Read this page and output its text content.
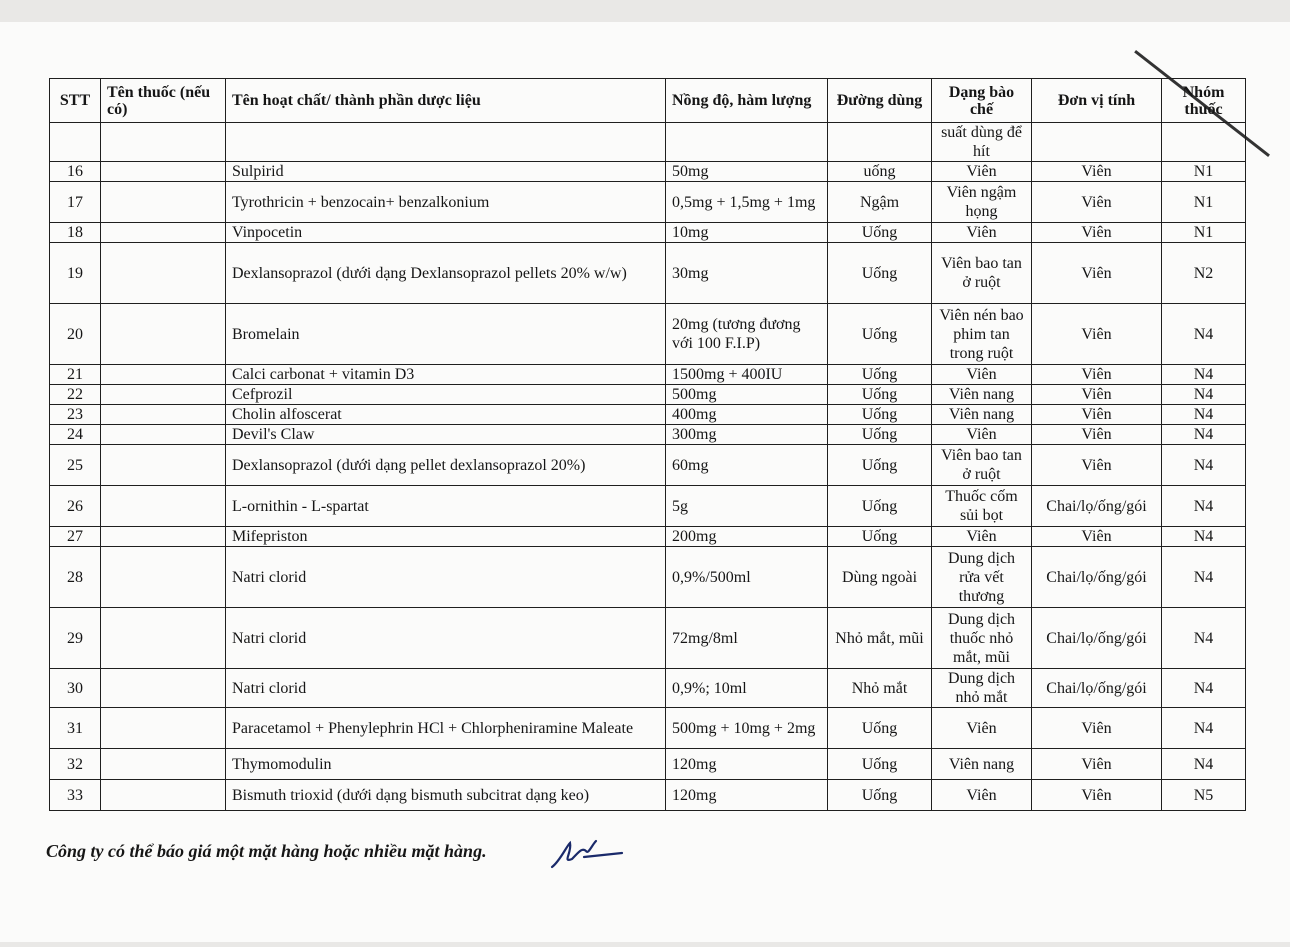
STT	Tên thuốc (nếu có)	Tên hoạt chất/ thành phần dược liệu	Nồng độ, hàm lượng	Đường dùng	Dạng bào chế	Đơn vị tính	Nhóm thuốc
					suất dùng để hít		
16		Sulpirid	50mg	uống	Viên	Viên	N1
17		Tyrothricin + benzocain+ benzalkonium	0,5mg + 1,5mg + 1mg	Ngậm	Viên ngậm họng	Viên	N1
18		Vinpocetin	10mg	Uống	Viên	Viên	N1
19		Dexlansoprazol (dưới dạng Dexlansoprazol pellets 20% w/w)	30mg	Uống	Viên bao tan ở ruột	Viên	N2
20		Bromelain	20mg (tương đương với 100 F.I.P)	Uống	Viên nén bao phim tan trong ruột	Viên	N4
21		Calci carbonat + vitamin D3	1500mg + 400IU	Uống	Viên	Viên	N4
22		Cefprozil	500mg	Uống	Viên nang	Viên	N4
23		Cholin alfoscerat	400mg	Uống	Viên nang	Viên	N4
24		Devil's Claw	300mg	Uống	Viên	Viên	N4
25		Dexlansoprazol (dưới dạng pellet dexlansoprazol 20%)	60mg	Uống	Viên bao tan ở ruột	Viên	N4
26		L-ornithin - L-spartat	5g	Uống	Thuốc cốm sủi bọt	Chai/lọ/ống/gói	N4
27		Mifepriston	200mg	Uống	Viên	Viên	N4
28		Natri clorid	0,9%/500ml	Dùng ngoài	Dung dịch rửa vết thương	Chai/lọ/ống/gói	N4
29		Natri clorid	72mg/8ml	Nhỏ mắt, mũi	Dung dịch thuốc nhỏ mắt, mũi	Chai/lọ/ống/gói	N4
30		Natri clorid	0,9%; 10ml	Nhỏ mắt	Dung dịch nhỏ mắt	Chai/lọ/ống/gói	N4
31		Paracetamol + Phenylephrin HCl + Chlorpheniramine Maleate	500mg + 10mg + 2mg	Uống	Viên	Viên	N4
32		Thymomodulin	120mg	Uống	Viên nang	Viên	N4
33		Bismuth trioxid (dưới dạng bismuth subcitrat dạng keo)	120mg	Uống	Viên	Viên	N5
Công ty có thể báo giá một mặt hàng hoặc nhiều mặt hàng.
